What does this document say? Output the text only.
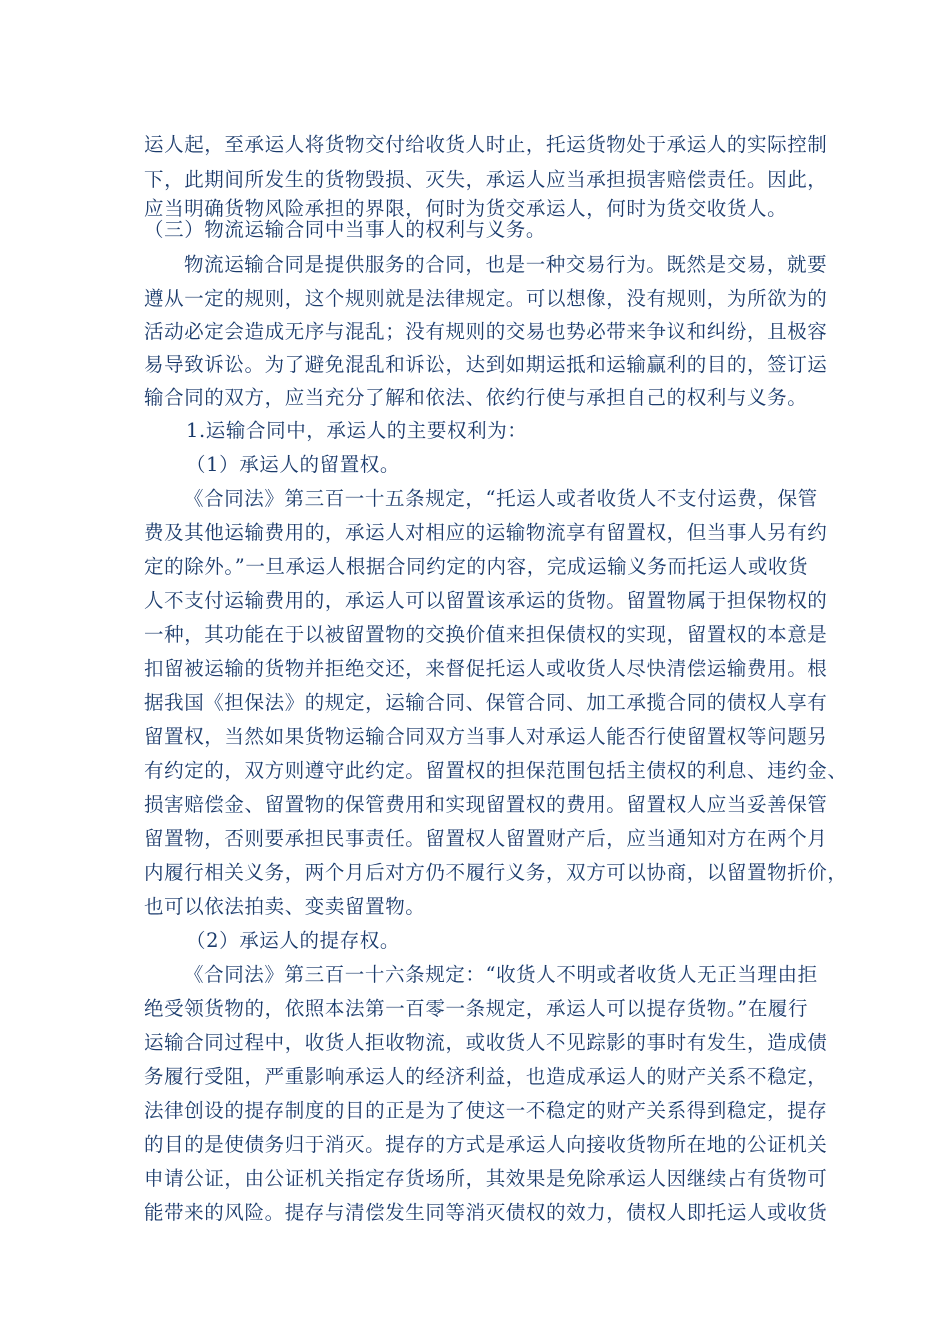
运人起，至承运人将货物交付给收货人时止，托运货物处于承运人的实际控制
下，此期间所发生的货物毁损、灭失，承运人应当承担损害赔偿责任。因此，
应当明确货物风险承担的界限，何时为货交承运人，何时为货交收货人。
（三）物流运输合同中当事人的权利与义务。
物流运输合同是提供服务的合同，也是一种交易行为。既然是交易，就要
遵从一定的规则，这个规则就是法律规定。可以想像，没有规则，为所欲为的
活动必定会造成无序与混乱；没有规则的交易也势必带来争议和纠纷，且极容
易导致诉讼。为了避免混乱和诉讼，达到如期运抵和运输赢利的目的，签订运
输合同的双方，应当充分了解和依法、依约行使与承担自己的权利与义务。
1.运输合同中，承运人的主要权利为：
（1）承运人的留置权。
《合同法》第三百一十五条规定，“托运人或者收货人不支付运费，保管
费及其他运输费用的，承运人对相应的运输物流享有留置权，但当事人另有约
定的除外。”一旦承运人根据合同约定的内容，完成运输义务而托运人或收货
人不支付运输费用的，承运人可以留置该承运的货物。留置物属于担保物权的
一种，其功能在于以被留置物的交换价值来担保债权的实现，留置权的本意是
扣留被运输的货物并拒绝交还，来督促托运人或收货人尽快清偿运输费用。根
据我国《担保法》的规定，运输合同、保管合同、加工承揽合同的债权人享有
留置权，当然如果货物运输合同双方当事人对承运人能否行使留置权等问题另
有约定的，双方则遵守此约定。留置权的担保范围包括主债权的利息、违约金、
损害赔偿金、留置物的保管费用和实现留置权的费用。留置权人应当妥善保管
留置物，否则要承担民事责任。留置权人留置财产后，应当通知对方在两个月
内履行相关义务，两个月后对方仍不履行义务，双方可以协商，以留置物折价，
也可以依法拍卖、变卖留置物。
（2）承运人的提存权。
《合同法》第三百一十六条规定：“收货人不明或者收货人无正当理由拒
绝受领货物的，依照本法第一百零一条规定，承运人可以提存货物。”在履行
运输合同过程中，收货人拒收物流，或收货人不见踪影的事时有发生，造成债
务履行受阻，严重影响承运人的经济利益，也造成承运人的财产关系不稳定，
法律创设的提存制度的目的正是为了使这一不稳定的财产关系得到稳定，提存
的目的是使债务归于消灭。提存的方式是承运人向接收货物所在地的公证机关
申请公证，由公证机关指定存货场所，其效果是免除承运人因继续占有货物可
能带来的风险。提存与清偿发生同等消灭债权的效力，债权人即托运人或收货
